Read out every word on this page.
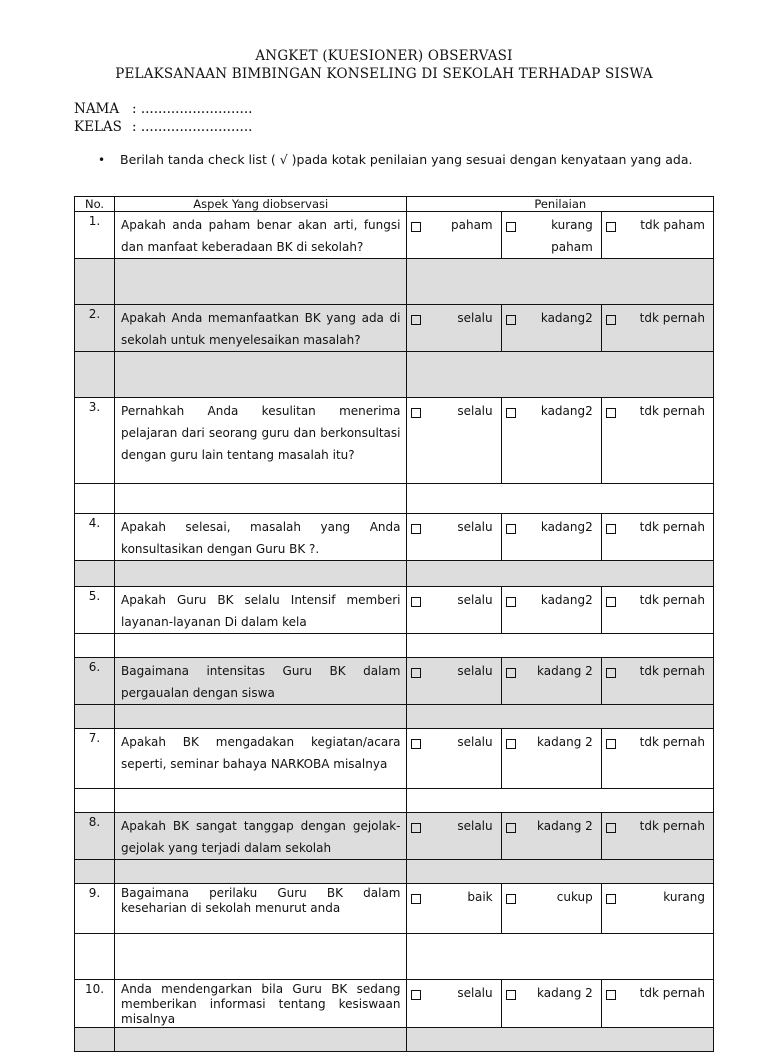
ANGKET (KUESIONER) OBSERVASI
PELAKSANAAN BIMBINGAN KONSELING DI SEKOLAH TERHADAP SISWA
NAMA : ..........................
KELAS : ..........................
• Berilah tanda check list ( √ )pada kotak penilaian yang sesuai dengan kenyataan yang ada.
No.	Aspek Yang diobservasi	Penilaian		
1.	Apakah anda paham benar akan arti, fungsi dan manfaat keberadaan BK di sekolah?	paham	kurang paham	tdk paham

2.	Apakah Anda memanfaatkan BK yang ada di sekolah untuk menyelesaikan masalah?	selalu	kadang2	tdk pernah

3.	Pernahkah Anda kesulitan menerima pelajaran dari seorang guru dan berkonsultasi dengan guru lain tentang masalah itu?	selalu	kadang2	tdk pernah

4.	Apakah selesai, masalah yang Anda konsultasikan dengan Guru BK ?.	selalu	kadang2	tdk pernah

5.	Apakah Guru BK selalu Intensif memberi layanan-layanan Di dalam kela	selalu	kadang2	tdk pernah

6.	Bagaimana intensitas Guru BK dalam pergaualan dengan siswa	selalu	kadang 2	tdk pernah

7.	Apakah BK mengadakan kegiatan/acara seperti, seminar bahaya NARKOBA misalnya	selalu	kadang 2	tdk pernah

8.	Apakah BK sangat tanggap dengan gejolak-gejolak yang terjadi dalam sekolah	selalu	kadang 2	tdk pernah

9.	Bagaimana perilaku Guru BK dalam keseharian di sekolah menurut anda	baik	cukup	kurang

10.	Anda mendengarkan bila Guru BK sedang memberikan informasi tentang kesiswaan misalnya	selalu	kadang 2	tdk pernah
